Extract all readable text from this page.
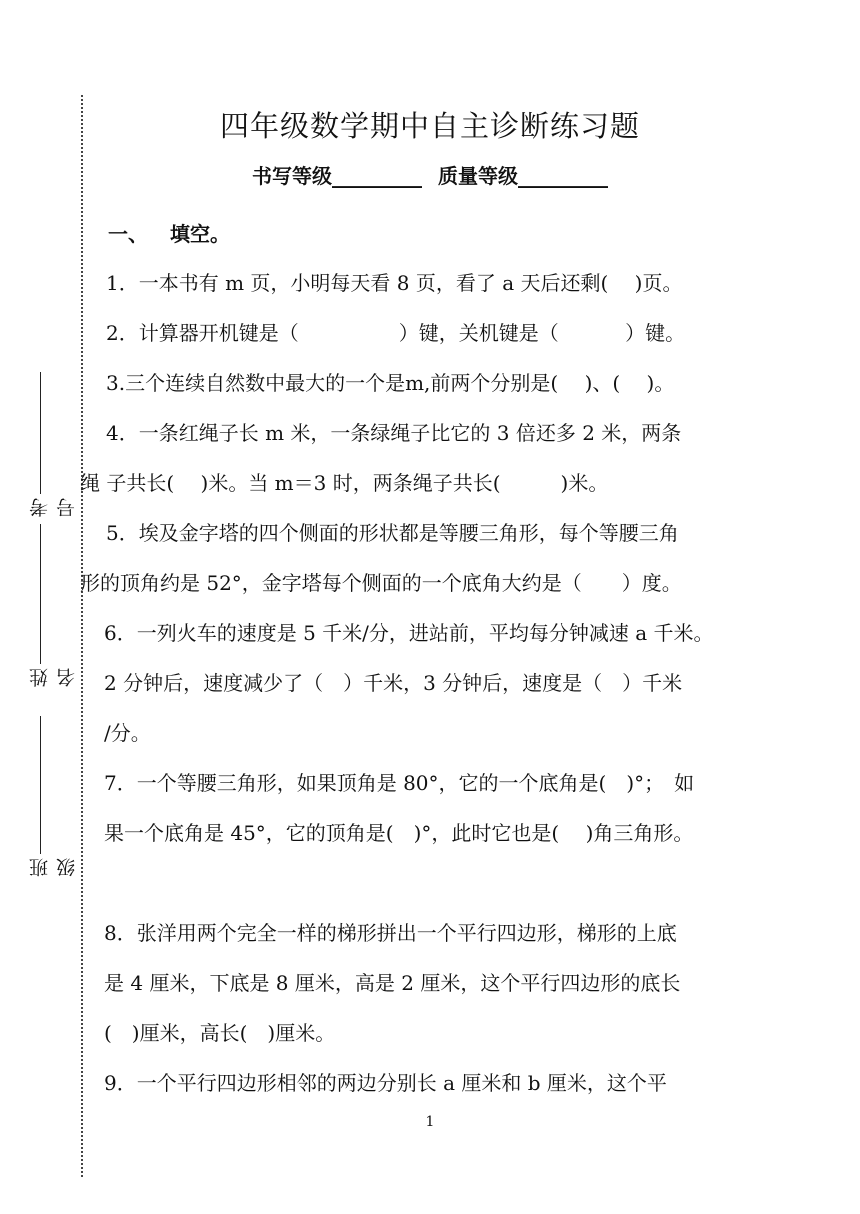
考号
姓名
班级
四年级数学期中自主诊断练习题
书写等级_________ 质量等级_________
一、 填空。
1．一本书有 m 页，小明每天看 8 页，看了 a 天后还剩(　 )页。
2．计算器开机键是（　　　　　）键，关机键是（　　　 ）键。
3.三个连续自然数中最大的一个是m,前两个分别是(　 )、(　 )。
4．一条红绳子长 m 米，一条绿绳子比它的 3 倍还多 2 米，两条
绳 子共长(　 )米。当 m＝3 时，两条绳子共长(　　　)米。
5．埃及金字塔的四个侧面的形状都是等腰三角形，每个等腰三角
形的顶角约是 52°，金字塔每个侧面的一个底角大约是（　　）度。
6．一列火车的速度是 5 千米/分，进站前，平均每分钟减速 a 千米。
2 分钟后，速度减少了（　）千米，3 分钟后，速度是（　）千米
/分。
7．一个等腰三角形，如果顶角是 80°，它的一个底角是(　)°；　如
果一个底角是 45°，它的顶角是(　)°，此时它也是(　 )角三角形。
8．张洋用两个完全一样的梯形拼出一个平行四边形，梯形的上底
是 4 厘米，下底是 8 厘米，高是 2 厘米，这个平行四边形的底长
(　)厘米，高长(　)厘米。
9．一个平行四边形相邻的两边分别长 a 厘米和 b 厘米，这个平
1
